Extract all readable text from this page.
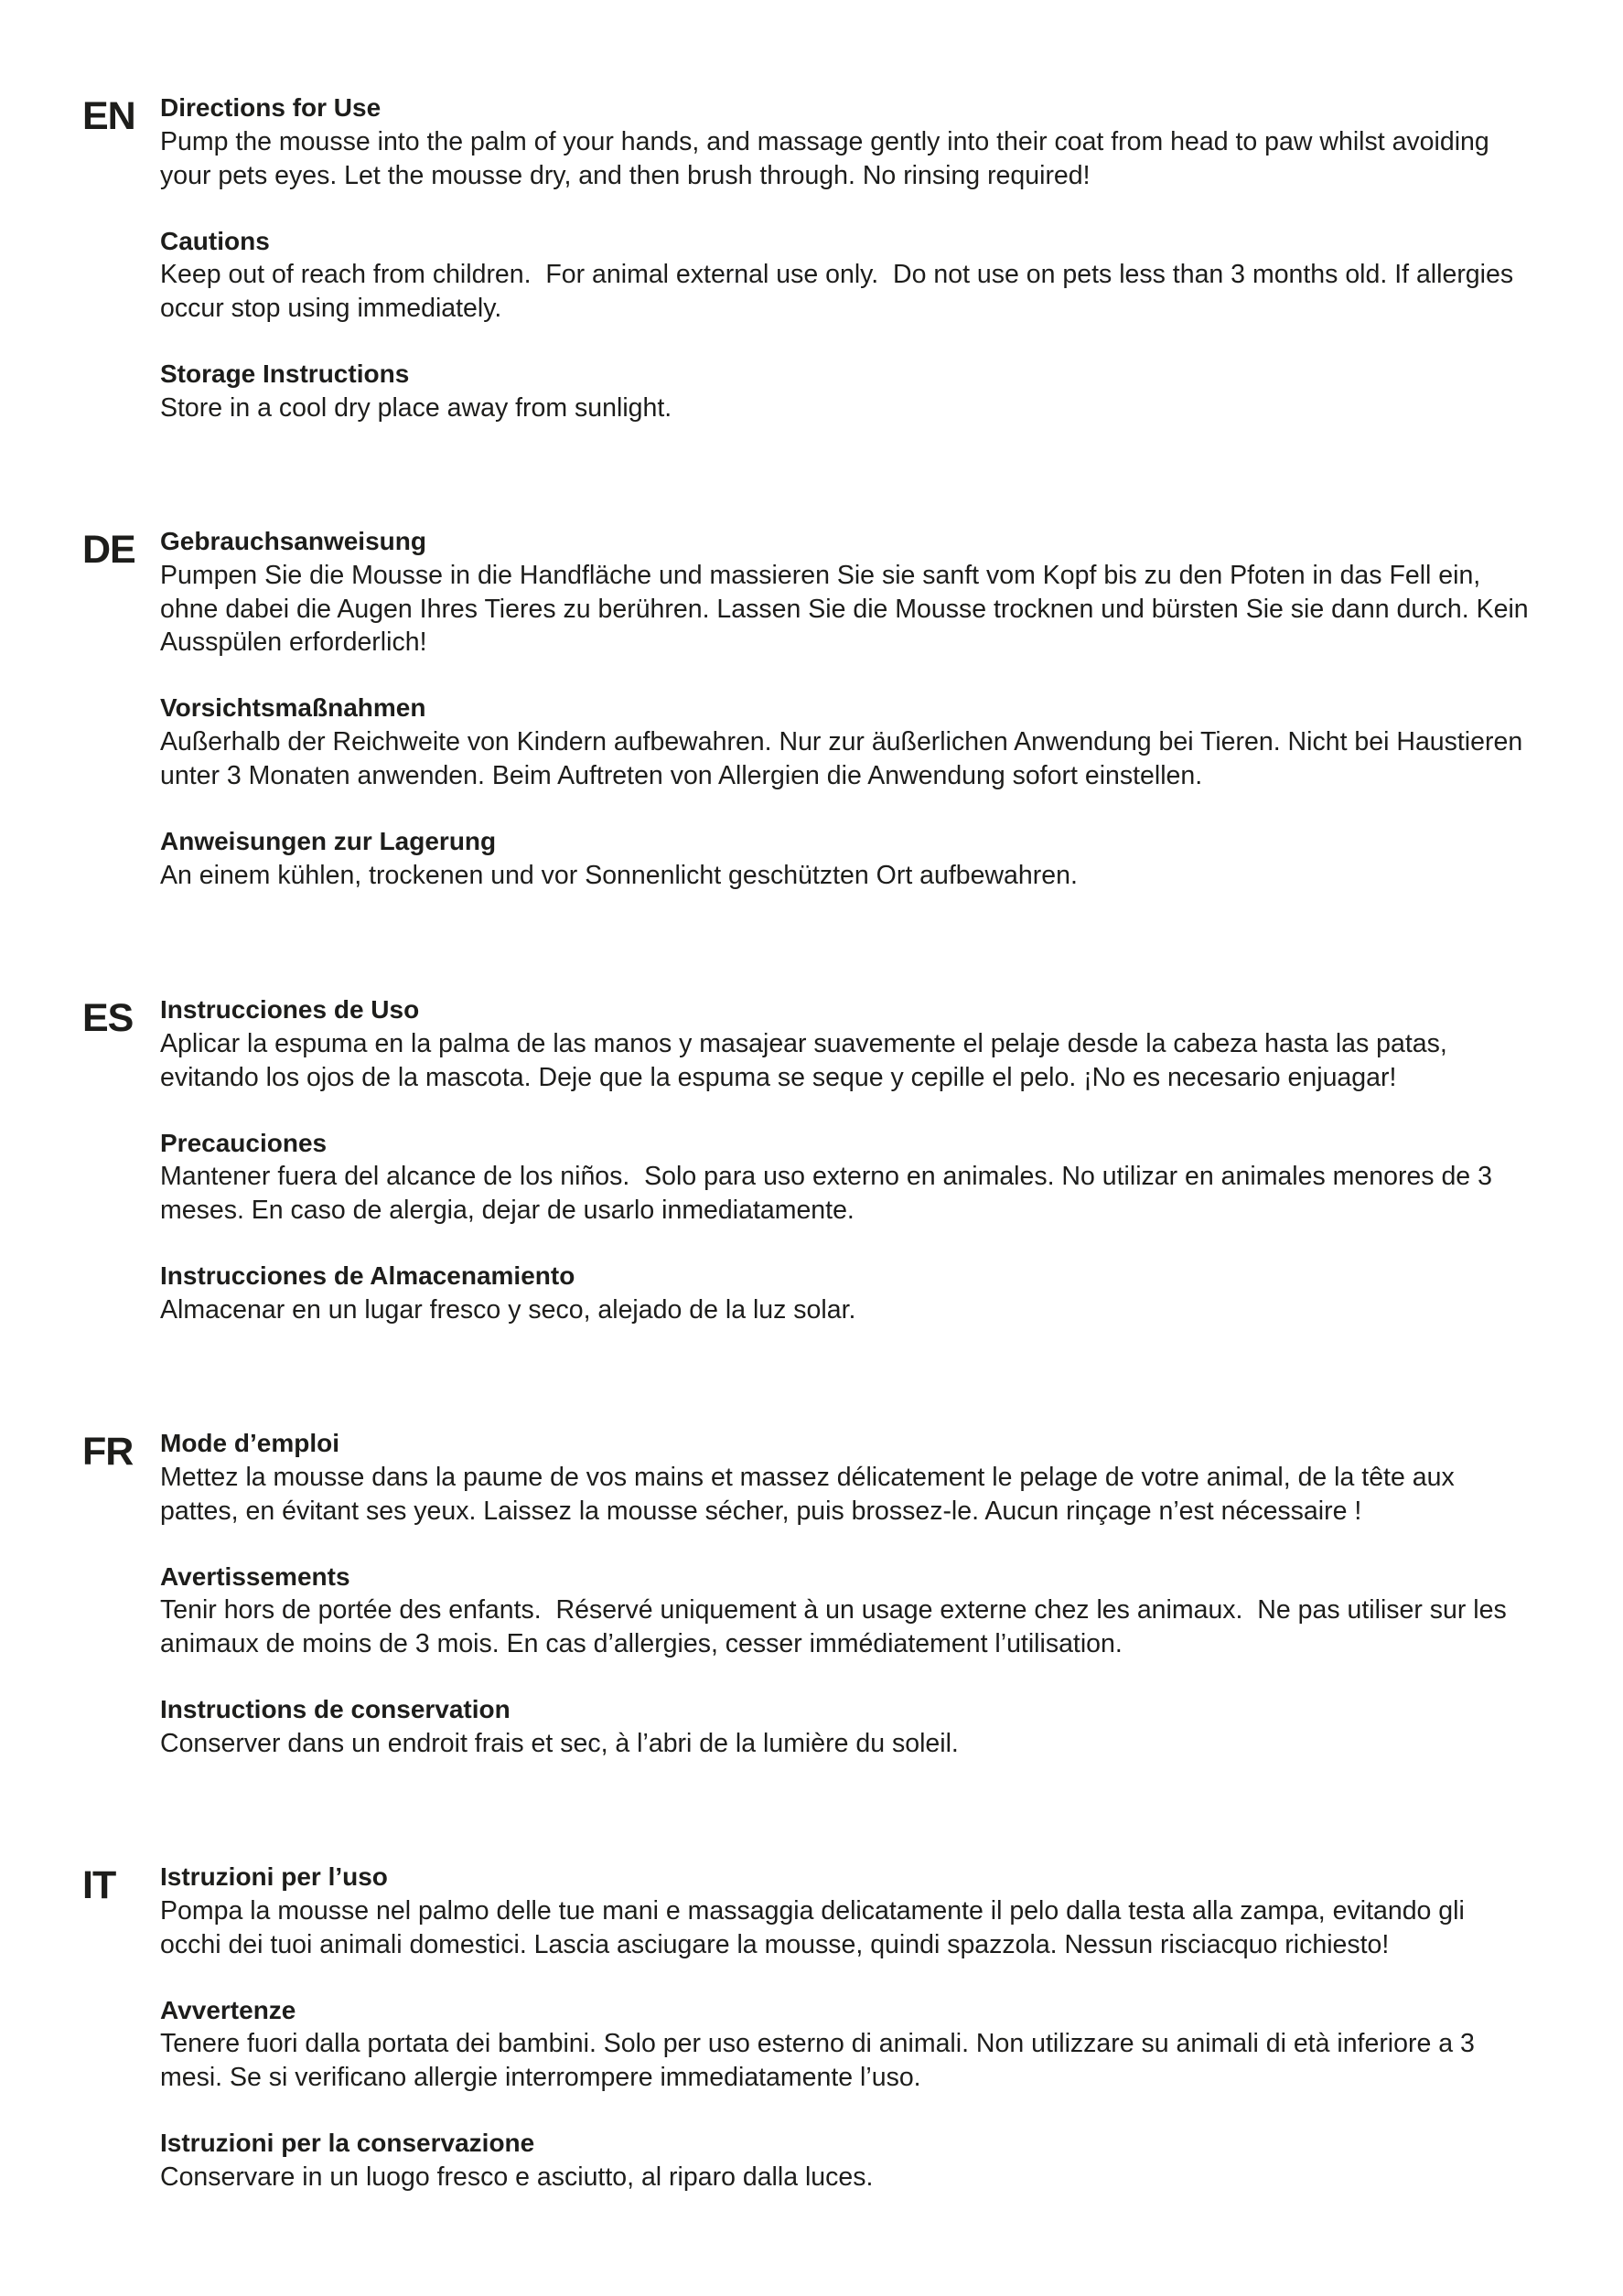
EN Directions for Use
Pump the mousse into the palm of your hands, and massage gently into their coat from head to paw whilst avoiding
your pets eyes. Let the mousse dry, and then brush through. No rinsing required!
Cautions
Keep out of reach from children.  For animal external use only.  Do not use on pets less than 3 months old. If allergies
occur stop using immediately.
Storage Instructions
Store in a cool dry place away from sunlight.
DE Gebrauchsanweisung
Pumpen Sie die Mousse in die Handfläche und massieren Sie sie sanft vom Kopf bis zu den Pfoten in das Fell ein,
ohne dabei die Augen Ihres Tieres zu berühren. Lassen Sie die Mousse trocknen und bürsten Sie sie dann durch. Kein
Ausspülen erforderlich!
Vorsichtsmaßnahmen
Außerhalb der Reichweite von Kindern aufbewahren. Nur zur äußerlichen Anwendung bei Tieren. Nicht bei Haustieren
unter 3 Monaten anwenden. Beim Auftreten von Allergien die Anwendung sofort einstellen.
Anweisungen zur Lagerung
An einem kühlen, trockenen und vor Sonnenlicht geschützten Ort aufbewahren.
ES Instrucciones de Uso
Aplicar la espuma en la palma de las manos y masajear suavemente el pelaje desde la cabeza hasta las patas,
evitando los ojos de la mascota. Deje que la espuma se seque y cepille el pelo. ¡No es necesario enjuagar!
Precauciones
Mantener fuera del alcance de los niños.  Solo para uso externo en animales. No utilizar en animales menores de 3
meses. En caso de alergia, dejar de usarlo inmediatamente.
Instrucciones de Almacenamiento
Almacenar en un lugar fresco y seco, alejado de la luz solar.
FR Mode d’emploi
Mettez la mousse dans la paume de vos mains et massez délicatement le pelage de votre animal, de la tête aux
pattes, en évitant ses yeux. Laissez la mousse sécher, puis brossez-le. Aucun rinçage n’est nécessaire !
Avertissements
Tenir hors de portée des enfants.  Réservé uniquement à un usage externe chez les animaux.  Ne pas utiliser sur les
animaux de moins de 3 mois. En cas d’allergies, cesser immédiatement l’utilisation.
Instructions de conservation
Conserver dans un endroit frais et sec, à l’abri de la lumière du soleil.
IT Istruzioni per l’uso
Pompa la mousse nel palmo delle tue mani e massaggia delicatamente il pelo dalla testa alla zampa, evitando gli
occhi dei tuoi animali domestici. Lascia asciugare la mousse, quindi spazzola. Nessun risciacquo richiesto!
Avvertenze
Tenere fuori dalla portata dei bambini. Solo per uso esterno di animali. Non utilizzare su animali di età inferiore a 3
mesi. Se si verificano allergie interrompere immediatamente l’uso.
Istruzioni per la conservazione
Conservare in un luogo fresco e asciutto, al riparo dalla luces.
